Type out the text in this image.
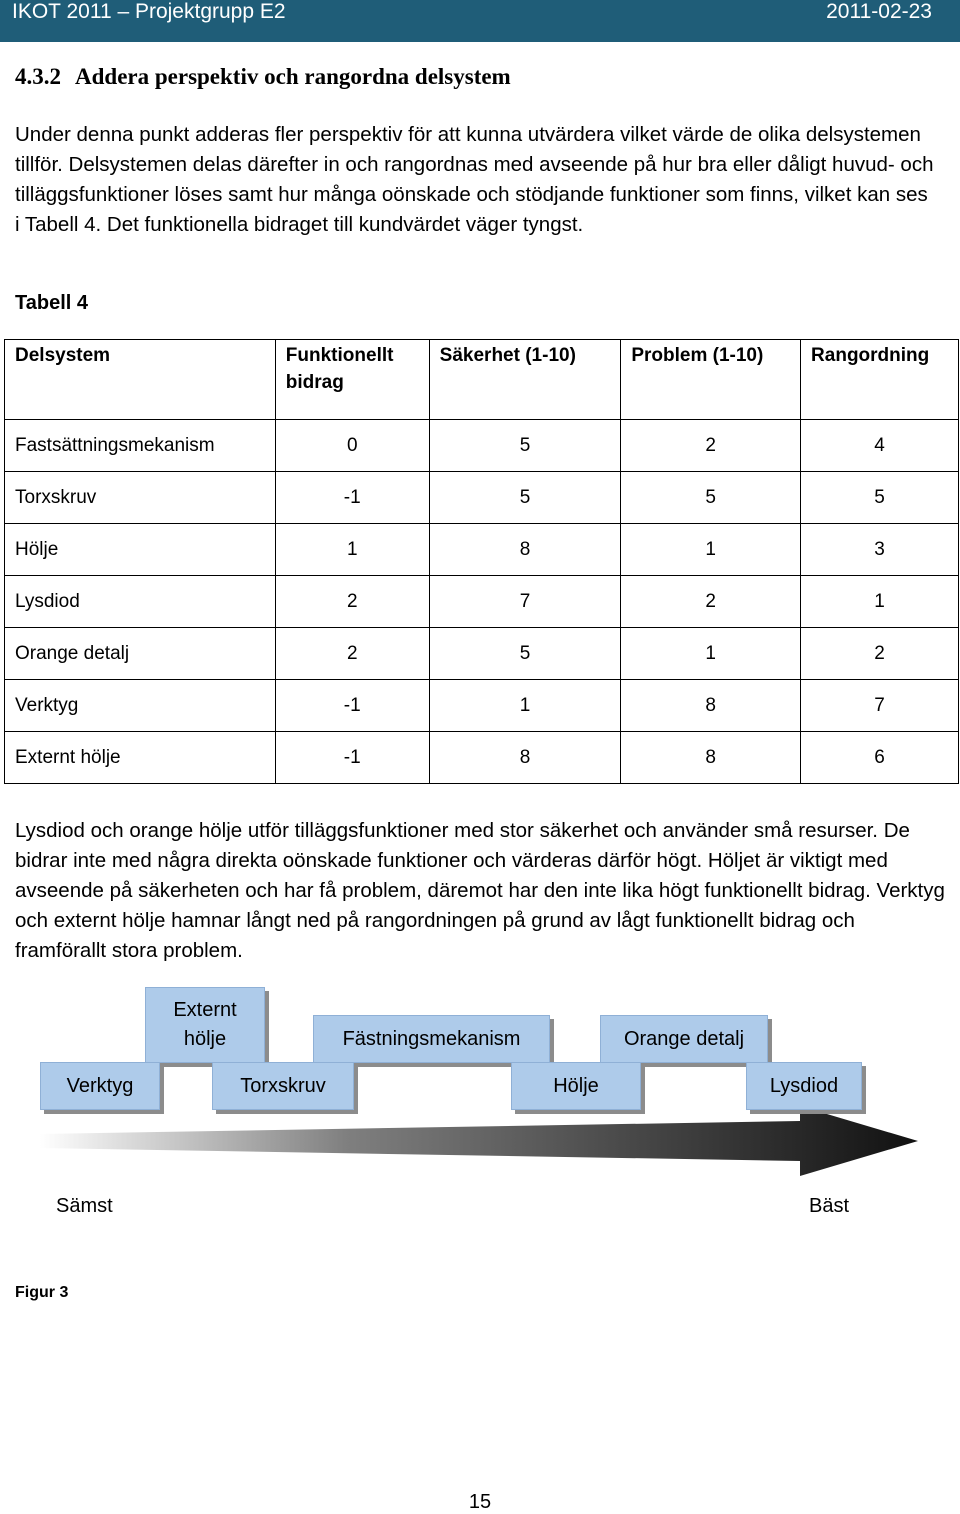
IKOT 2011 – Projektgrupp E2	2011-02-23
4.3.2 Addera perspektiv och rangordna delsystem

Under denna punkt adderas fler perspektiv för att kunna utvärdera vilket värde de olika delsystemen tillför. Delsystemen delas därefter in och rangordnas med avseende på hur bra eller dåligt huvud- och tilläggsfunktioner löses samt hur många oönskade och stödjande funktioner som finns, vilket kan ses i Tabell 4. Det funktionella bidraget till kundvärdet väger tyngst.

Tabell 4
Delsystem	Funktionellt bidrag	Säkerhet (1-10)	Problem (1-10)	Rangordning
Fastsättningsmekanism	0	5	2	4
Torxskruv	-1	5	5	5
Hölje	1	8	1	3
Lysdiod	2	7	2	1
Orange detalj	2	5	1	2
Verktyg	-1	1	8	7
Externt hölje	-1	8	8	6

Lysdiod och orange hölje utför tilläggsfunktioner med stor säkerhet och använder små resurser. De bidrar inte med några direkta oönskade funktioner och värderas därför högt. Höljet är viktigt med avseende på säkerheten och har få problem, däremot har den inte lika högt funktionellt bidrag. Verktyg och externt hölje hamnar långt ned på rangordningen på grund av lågt funktionellt bidrag och framförallt stora problem.

Externt hölje	Fästningsmekanism	Orange detalj
Verktyg	Torxskruv	Hölje	Lysdiod
Sämst	Bäst
Figur 3
15
